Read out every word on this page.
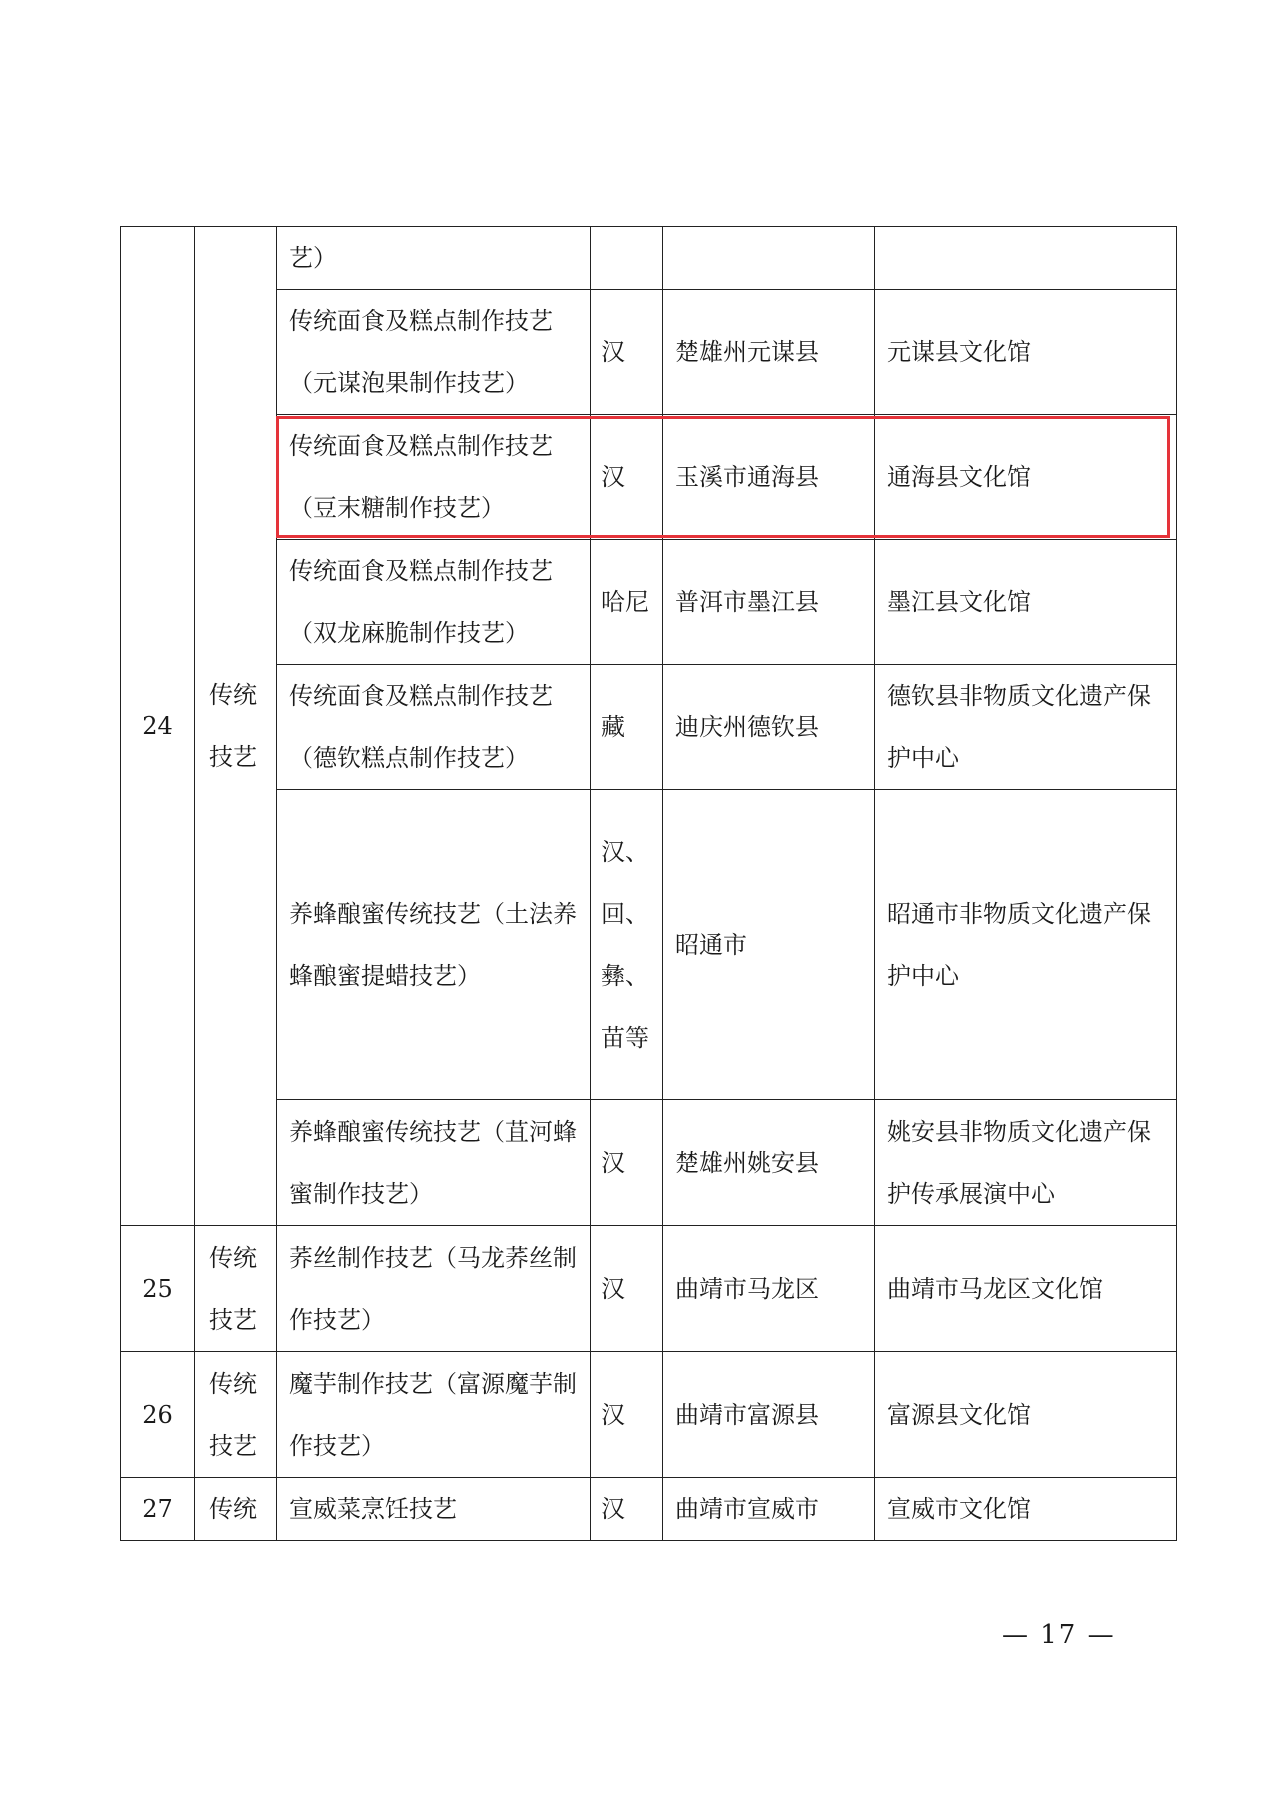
24	传统技艺	艺）			
		传统面食及糕点制作技艺（元谋泡果制作技艺）	汉	楚雄州元谋县	元谋县文化馆
		传统面食及糕点制作技艺（豆末糖制作技艺）	汉	玉溪市通海县	通海县文化馆
		传统面食及糕点制作技艺（双龙麻脆制作技艺）	哈尼	普洱市墨江县	墨江县文化馆
		传统面食及糕点制作技艺（德钦糕点制作技艺）	藏	迪庆州德钦县	德钦县非物质文化遗产保护中心
		养蜂酿蜜传统技艺（土法养蜂酿蜜提蜡技艺）	汉、回、彝、苗等	昭通市	昭通市非物质文化遗产保护中心
		养蜂酿蜜传统技艺（苴河蜂蜜制作技艺）	汉	楚雄州姚安县	姚安县非物质文化遗产保护传承展演中心
25	传统技艺	荞丝制作技艺（马龙荞丝制作技艺）	汉	曲靖市马龙区	曲靖市马龙区文化馆
26	传统技艺	魔芋制作技艺（富源魔芋制作技艺）	汉	曲靖市富源县	富源县文化馆
27	传统	宣威菜烹饪技艺	汉	曲靖市宣威市	宣威市文化馆
— 17 —
